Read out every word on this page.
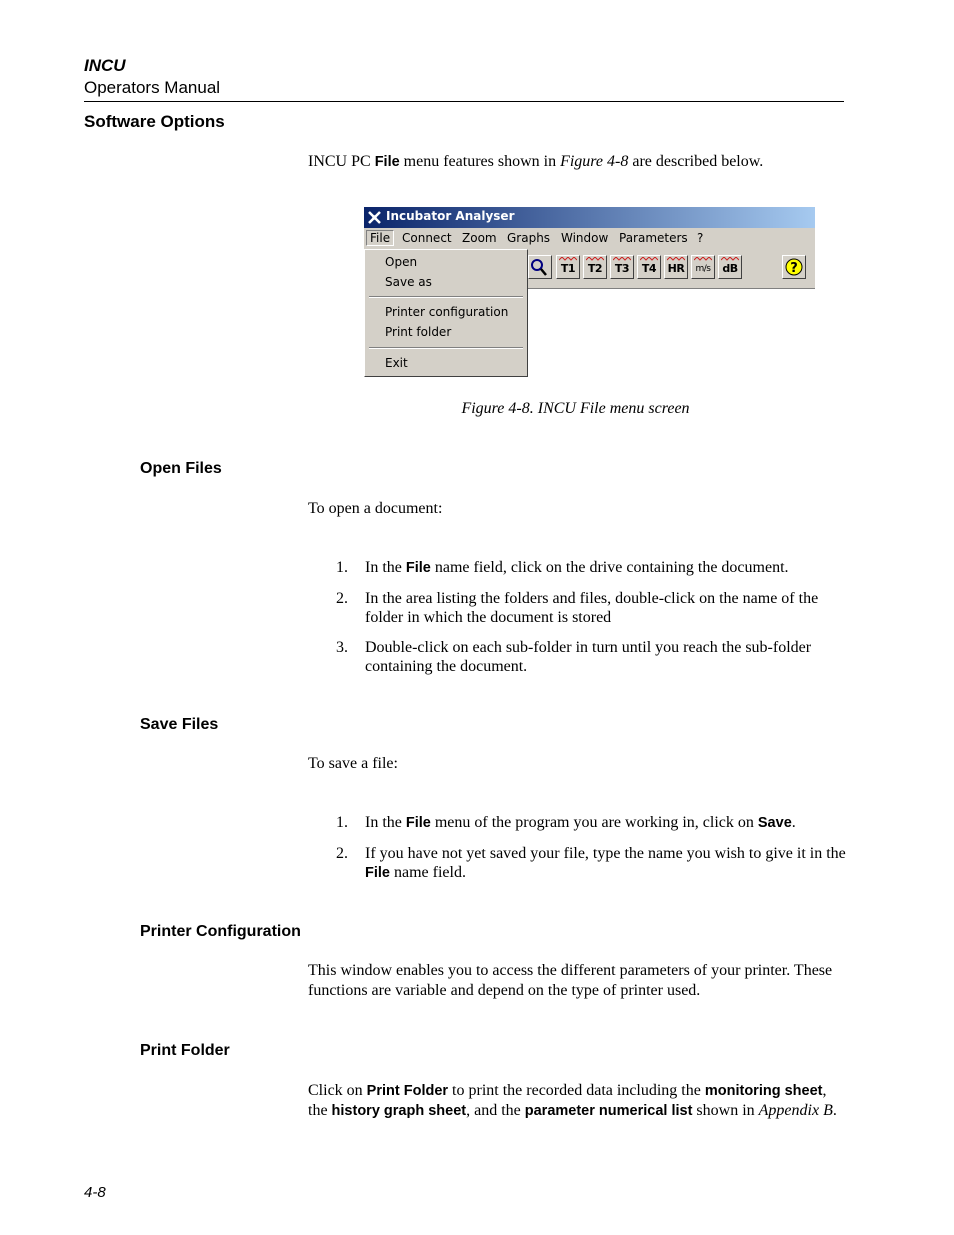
INCU
Operators Manual
Software Options
INCU PC File menu features shown in Figure 4-8 are described below.
Incubator Analyser
File Connect Zoom Graphs Window Parameters ?
T1	T2	T3	T4	HR	m/s	dB	?
Open
Save as
Printer configuration
Print folder
Exit
Figure 4-8. INCU File menu screen
Open Files
To open a document:
1. In the File name field, click on the drive containing the document.
2. In the area listing the folders and files, double-click on the name of the folder in which the document is stored
3. Double-click on each sub-folder in turn until you reach the sub-folder containing the document.
Save Files
To save a file:
1. In the File menu of the program you are working in, click on Save.
2. If you have not yet saved your file, type the name you wish to give it in the File name field.
Printer Configuration
This window enables you to access the different parameters of your printer. These functions are variable and depend on the type of printer used.
Print Folder
Click on Print Folder to print the recorded data including the monitoring sheet, the history graph sheet, and the parameter numerical list shown in Appendix B.
4-8
